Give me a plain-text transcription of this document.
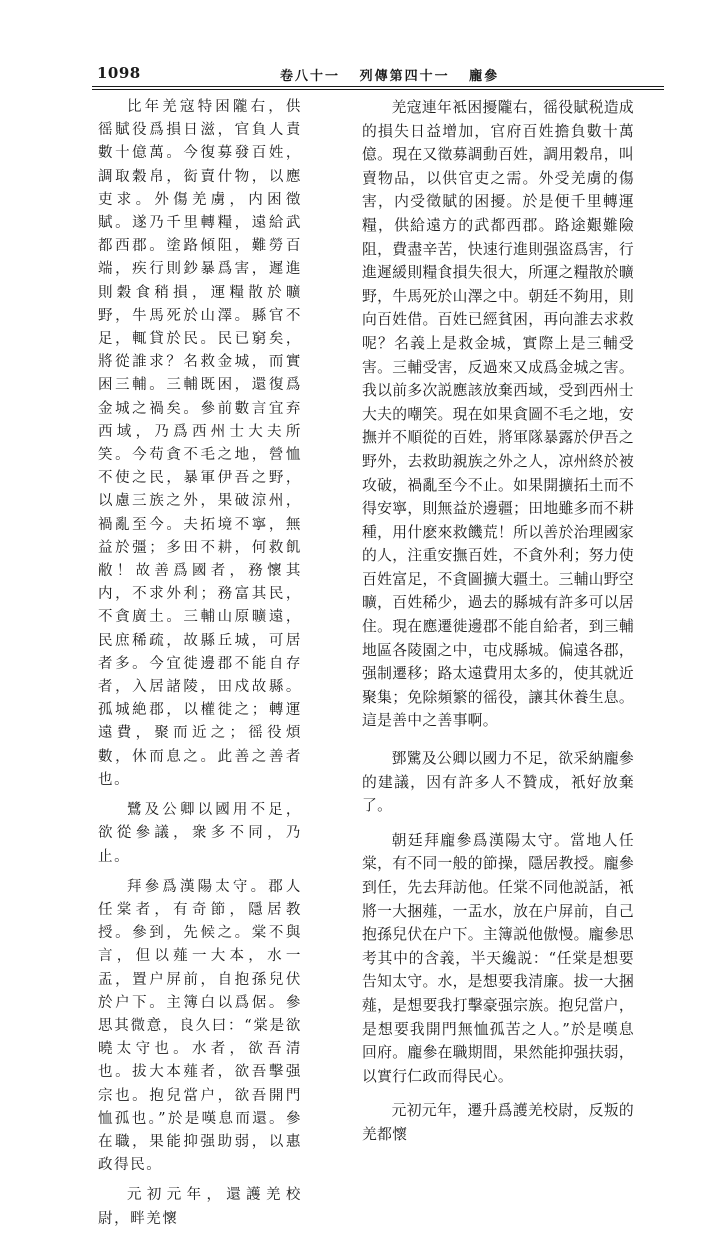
1098	卷八十一   列傳第四十一   龐參

比年羌寇特困隴右，供徭賦役爲損日滋，官負人責數十億萬。今復募發百姓，調取穀帛，衒賣什物，以應吏求。外傷羌虜，内困徵賦。遂乃千里轉糧，遠給武都西郡。塗路傾阻，難勞百端，疾行則鈔暴爲害，遲進則穀食稍損，運糧散於曠野，牛馬死於山澤。縣官不足，輒貸於民。民已窮矣，將從誰求？名救金城，而實困三輔。三輔既困，還復爲金城之禍矣。參前數言宜弃西域，乃爲西州士大夫所笑。今苟貪不毛之地，營恤不使之民，暴軍伊吾之野，以慮三族之外，果破涼州，禍亂至今。夫拓境不寧，無益於彊；多田不耕，何救飢敝！故善爲國者，務懷其内，不求外利；務富其民，不貪廣土。三輔山原曠遠，民庶稀疏，故縣丘城，可居者多。今宜徙邊郡不能自存者，入居諸陵，田戍故縣。孤城絶郡，以權徙之；轉運遠費，聚而近之；徭役煩數，休而息之。此善之善者也。

鷺及公卿以國用不足，欲從參議，衆多不同，乃止。

拜參爲漢陽太守。郡人任棠者，有奇節，隱居教授。參到，先候之。棠不與言，但以薤一大本，水一盂，置户屏前，自抱孫兒伏於户下。主簿白以爲倨。參思其微意，良久曰：“棠是欲曉太守也。水者，欲吾清也。拔大本薤者，欲吾擊强宗也。抱兒當户，欲吾開門恤孤也。”於是嘆息而還。參在職，果能抑强助弱，以惠政得民。

元初元年，還護羌校尉，畔羌懷

羌寇連年袛困擾隴右，徭役賦税造成的損失日益增加，官府百姓擔負數十萬億。現在又徵募調動百姓，調用穀帛，叫賣物品，以供官吏之需。外受羌虜的傷害，内受徵賦的困擾。於是便千里轉運糧，供給遠方的武都西郡。路途艱難險阻，費盡辛苦，快速行進則强盗爲害，行進遲緩則糧食損失很大，所運之糧散於曠野，牛馬死於山澤之中。朝廷不夠用，則向百姓借。百姓已經貧困，再向誰去求救呢？名義上是救金城，實際上是三輔受害。三輔受害，反過來又成爲金城之害。我以前多次説應該放棄西域，受到西州士大夫的嘲笑。現在如果貪圖不毛之地，安撫并不順從的百姓，將軍隊暴露於伊吾之野外，去救助親族之外之人，凉州終於被攻破，禍亂至今不止。如果開擴拓土而不得安寧，則無益於邊疆；田地雖多而不耕種，用什麽來救饑荒！所以善於治理國家的人，注重安撫百姓，不貪外利；努力使百姓富足，不貪圖擴大疆土。三輔山野空曠，百姓稀少，過去的縣城有許多可以居住。現在應遷徙邊郡不能自給者，到三輔地區各陵園之中，屯戍縣城。偏遠各郡，强制遷移；路太遠費用太多的，使其就近聚集；免除頻繁的徭役，讓其休養生息。這是善中之善事啊。

鄧騭及公卿以國力不足，欲采納龐參的建議，因有許多人不贊成，衹好放棄了。

朝廷拜龐參爲漢陽太守。當地人任棠，有不同一般的節操，隱居教授。龐參到任，先去拜訪他。任棠不同他説話，衹將一大捆薤，一盂水，放在户屏前，自己抱孫兒伏在户下。主簿説他傲慢。龐參思考其中的含義，半天纔説：“任棠是想要告知太守。水，是想要我清廉。拔一大捆薤，是想要我打擊豪强宗族。抱兒當户，是想要我開門無恤孤苦之人。”於是嘆息回府。龐參在職期間，果然能抑强扶弱，以實行仁政而得民心。

元初元年，遷升爲護羌校尉，反叛的羌都懷
